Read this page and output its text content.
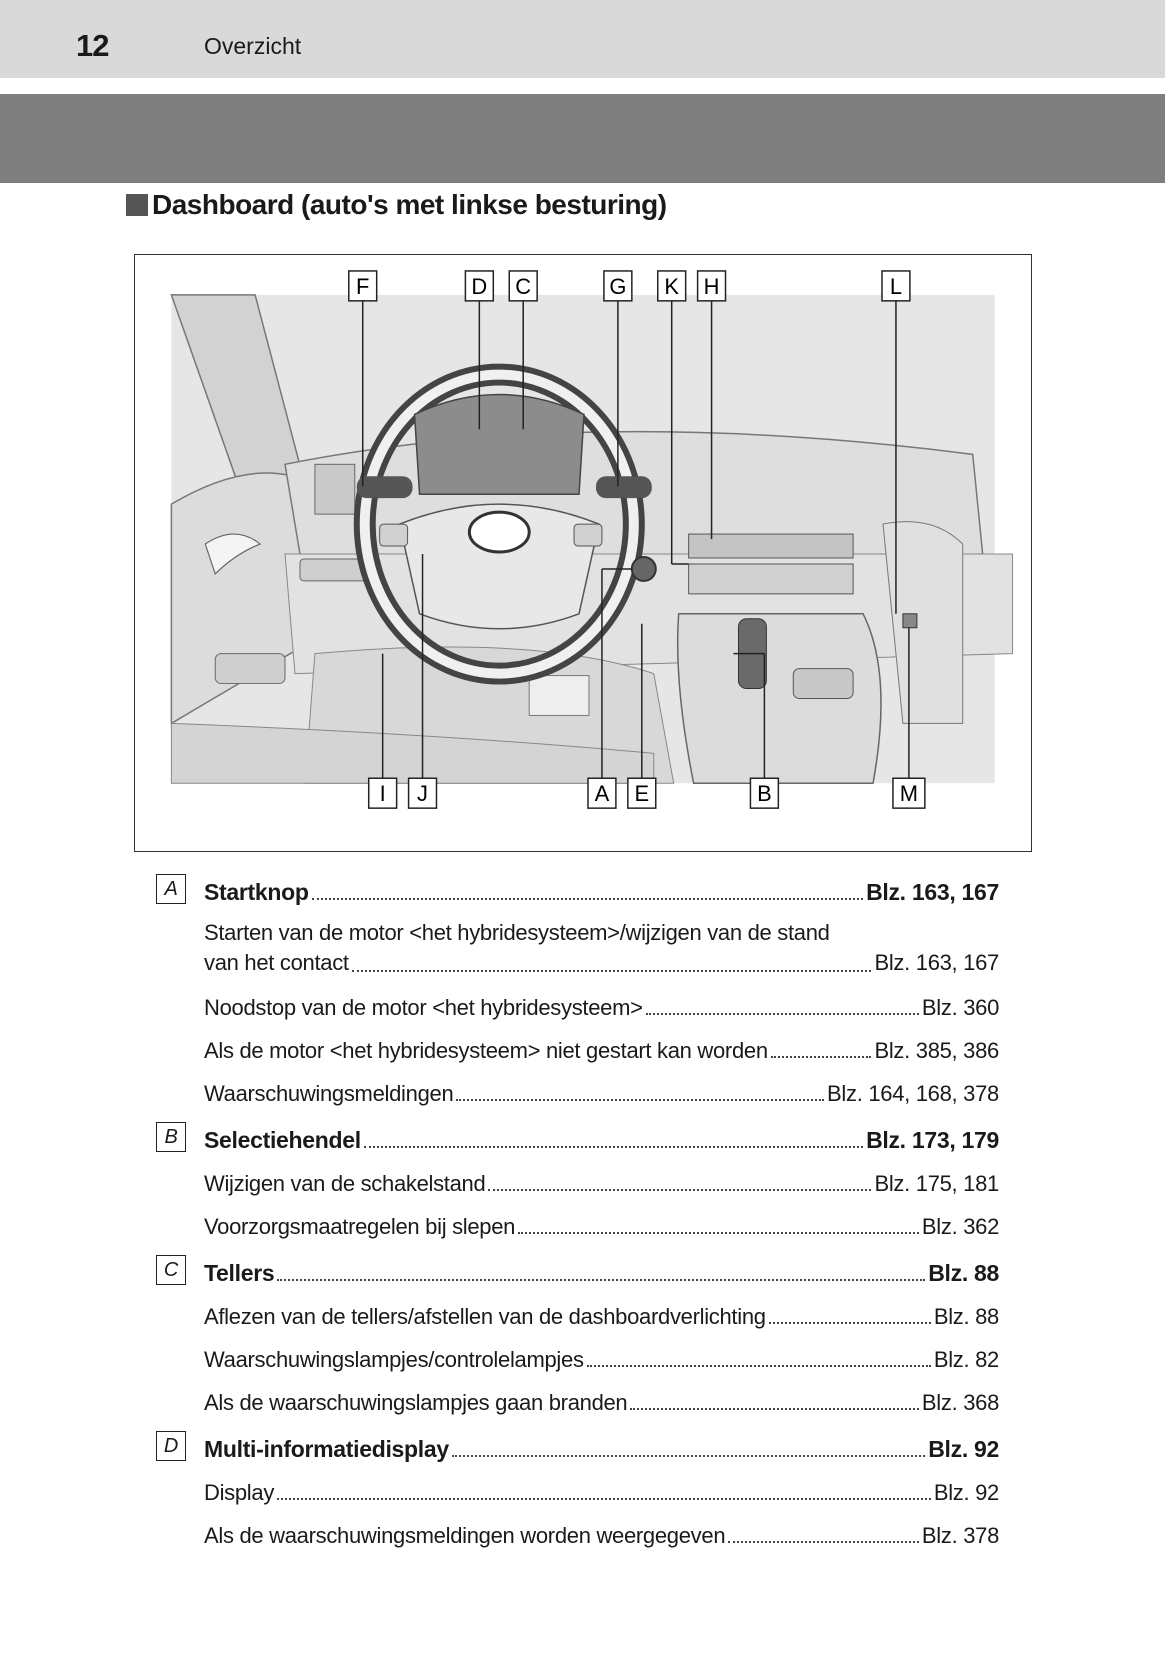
12	Overzicht
Dashboard (auto's met linkse besturing)
F	D C	G K H	L
I J	A E	B	M
A	Startknop	Blz. 163, 167
Starten van de motor <het hybridesysteem>/wijzigen van de stand
van het contact	Blz. 163, 167
Noodstop van de motor <het hybridesysteem>	Blz. 360
Als de motor <het hybridesysteem> niet gestart kan worden	Blz. 385, 386
Waarschuwingsmeldingen	Blz. 164, 168, 378
B	Selectiehendel	Blz. 173, 179
Wijzigen van de schakelstand	Blz. 175, 181
Voorzorgsmaatregelen bij slepen	Blz. 362
C	Tellers	Blz. 88
Aflezen van de tellers/afstellen van de dashboardverlichting	Blz. 88
Waarschuwingslampjes/controlelampjes	Blz. 82
Als de waarschuwingslampjes gaan branden	Blz. 368
D	Multi-informatiedisplay	Blz. 92
Display	Blz. 92
Als de waarschuwingsmeldingen worden weergegeven	Blz. 378
